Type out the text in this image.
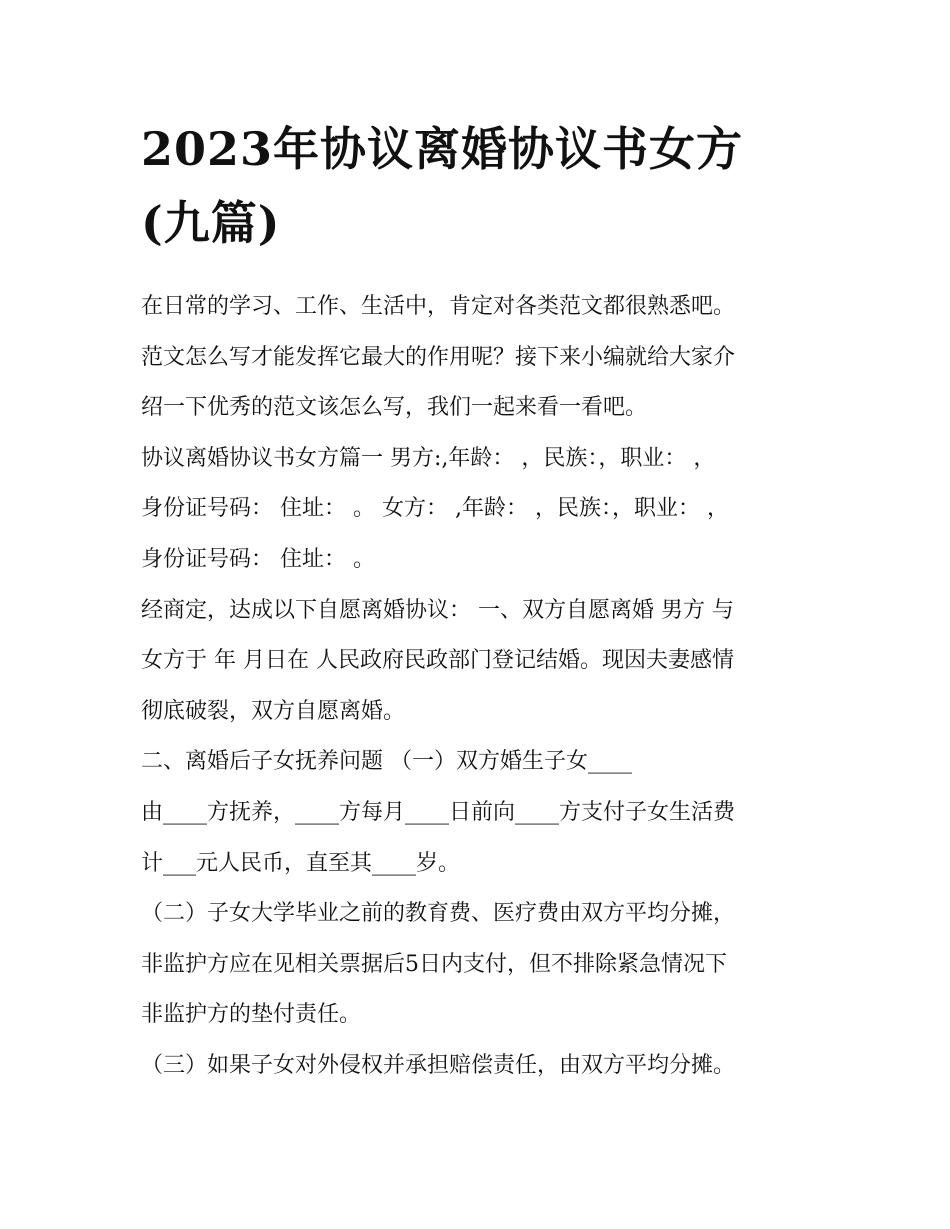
2023年协议离婚协议书女方
(九篇)

在日常的学习、工作、生活中，肯定对各类范文都很熟悉吧。
范文怎么写才能发挥它最大的作用呢？接下来小编就给大家介
绍一下优秀的范文该怎么写，我们一起来看一看吧。

协议离婚协议书女方篇一 男方:,年龄： ，民族：，职业： ，
身份证号码： 住址： 。 女方： ,年龄： ，民族：，职业： ，
身份证号码： 住址： 。

经商定，达成以下自愿离婚协议： 一、双方自愿离婚 男方 与
女方于 年 月日在 人民政府民政部门登记结婚。现因夫妻感情
彻底破裂，双方自愿离婚。

二、离婚后子女抚养问题 （一）双方婚生子女____
由____方抚养，____方每月____日前向____方支付子女生活费
计___元人民币，直至其____岁。

（二）子女大学毕业之前的教育费、医疗费由双方平均分摊，
非监护方应在见相关票据后5日内支付，但不排除紧急情况下
非监护方的垫付责任。

（三）如果子女对外侵权并承担赔偿责任，由双方平均分摊。
